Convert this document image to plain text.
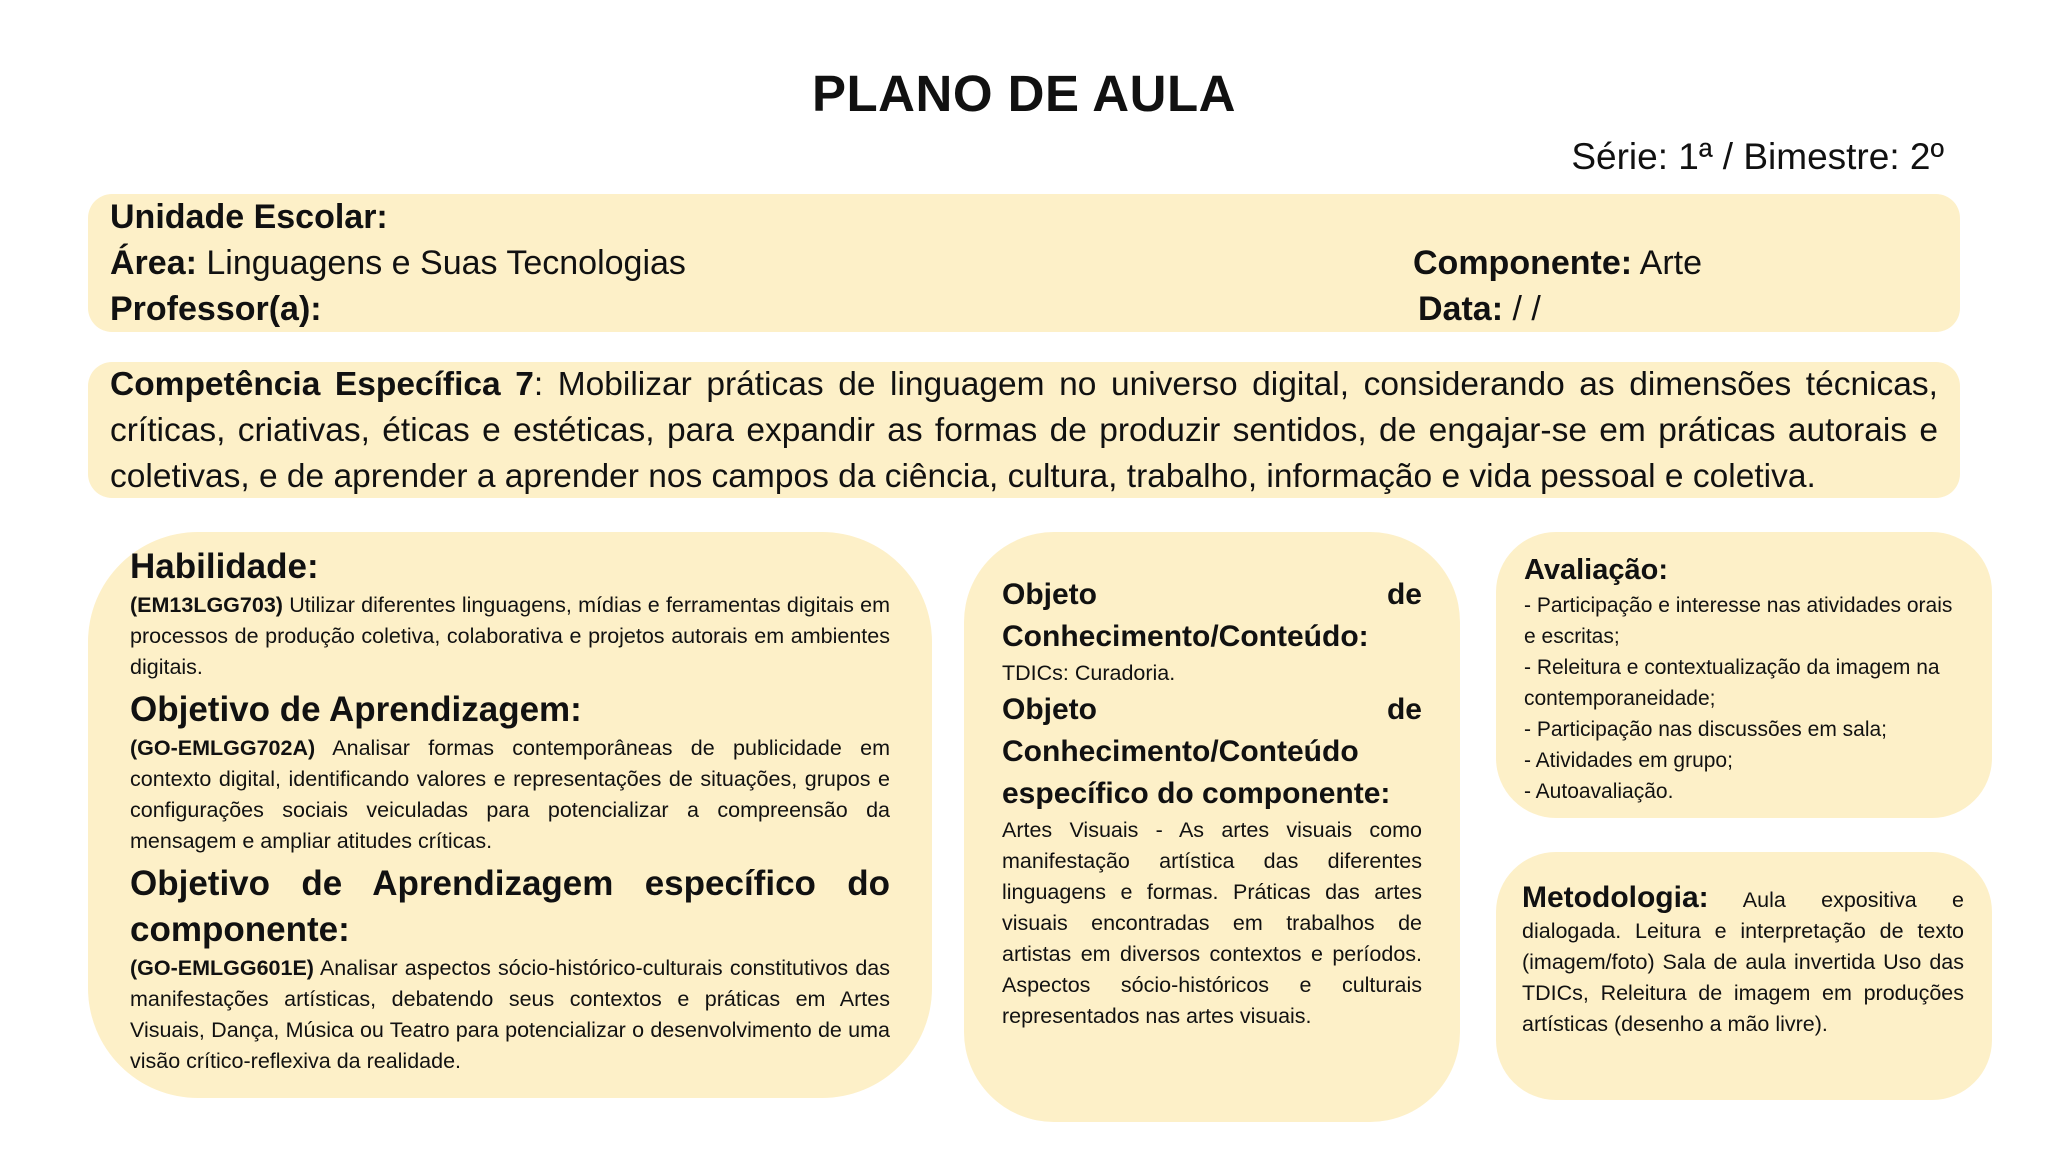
PLANO DE AULA
Série: 1ª / Bimestre: 2º
Unidade Escolar:
Área: Linguagens e Suas Tecnologias	Componente: Arte
Professor(a):	Data: / /
Competência Específica 7: Mobilizar práticas de linguagem no universo digital, considerando as dimensões técnicas, críticas, criativas, éticas e estéticas, para expandir as formas de produzir sentidos, de engajar-se em práticas autorais e coletivas, e de aprender a aprender nos campos da ciência, cultura, trabalho, informação e vida pessoal e coletiva.
Habilidade:
(EM13LGG703) Utilizar diferentes linguagens, mídias e ferramentas digitais em processos de produção coletiva, colaborativa e projetos autorais em ambientes digitais.
Objetivo de Aprendizagem:
(GO-EMLGG702A) Analisar formas contemporâneas de publicidade em contexto digital, identificando valores e representações de situações, grupos e configurações sociais veiculadas para potencializar a compreensão da mensagem e ampliar atitudes críticas.
Objetivo de Aprendizagem específico do componente:
(GO-EMLGG601E) Analisar aspectos sócio-histórico-culturais constitutivos das manifestações artísticas, debatendo seus contextos e práticas em Artes Visuais, Dança, Música ou Teatro para potencializar o desenvolvimento de uma visão crítico-reflexiva da realidade.
Objeto de Conhecimento/Conteúdo:
TDICs: Curadoria.
Objeto de Conhecimento/Conteúdo específico do componente:
Artes Visuais - As artes visuais como manifestação artística das diferentes linguagens e formas. Práticas das artes visuais encontradas em trabalhos de artistas em diversos contextos e períodos. Aspectos sócio-históricos e culturais representados nas artes visuais.
Avaliação:
- Participação e interesse nas atividades orais e escritas;
- Releitura e contextualização da imagem na contemporaneidade;
- Participação nas discussões em sala;
- Atividades em grupo;
- Autoavaliação.
Metodologia: Aula expositiva e dialogada. Leitura e interpretação de texto (imagem/foto) Sala de aula invertida Uso das TDICs, Releitura de imagem em produções artísticas (desenho a mão livre).
